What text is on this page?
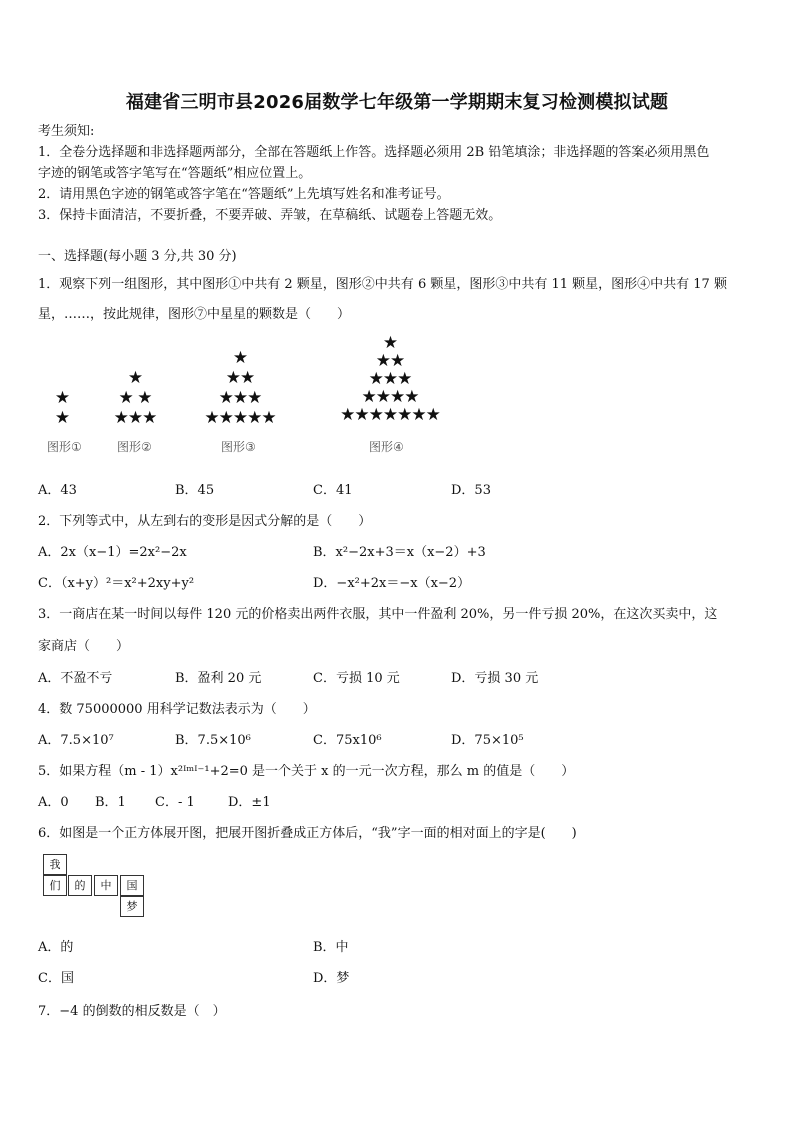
福建省三明市县2026届数学七年级第一学期期末复习检测模拟试题
考生须知:
1．全卷分选择题和非选择题两部分，全部在答题纸上作答。选择题必须用 2B 铅笔填涂；非选择题的答案必须用黑色
字迹的钢笔或答字笔写在“答题纸”相应位置上。
2．请用黑色字迹的钢笔或答字笔在“答题纸”上先填写姓名和准考证号。
3．保持卡面清洁，不要折叠，不要弄破、弄皱，在草稿纸、试题卷上答题无效。
一、选择题(每小题 3 分,共 30 分)
1．观察下列一组图形，其中图形①中共有 2 颗星，图形②中共有 6 颗星，图形③中共有 11 颗星，图形④中共有 17 颗
星，……，按此规律，图形⑦中星星的颗数是（　　）
★
★
图形①
★
★ ★
★★★
图形②
★
★★
★★★
★★★★★
图形③
★
★★
★★★
★★★★
★★★★★★★
图形④
A．43	B．45	C．41	D．53
2．下列等式中，从左到右的变形是因式分解的是（　　）
A．2x（x−1）=2x²−2x	B．x²−2x+3＝x（x−2）+3
C．（x+y）²＝x²+2xy+y²	D．−x²+2x＝−x（x−2）
3．一商店在某一时间以每件 120 元的价格卖出两件衣服，其中一件盈利 20%，另一件亏损 20%，在这次买卖中，这
家商店（　　）
A．不盈不亏	B．盈利 20 元	C．亏损 10 元	D．亏损 30 元
4．数 75000000 用科学记数法表示为（　　）
A．7.5×10⁷	B．7.5×10⁶	C．75x10⁶	D．75×10⁵
5．如果方程（m - 1）x²ᴵᵐᴵ⁻¹+2=0 是一个关于 x 的一元一次方程，那么 m 的值是（　　）
A．0 B．1 C．- 1	D．±1
6．如图是一个正方体展开图，把展开图折叠成正方体后，“我”字一面的相对面上的字是(　　)
我
们	的	中	国
梦
A．的	B．中
C．国	D．梦
7．−4 的倒数的相反数是（　）
